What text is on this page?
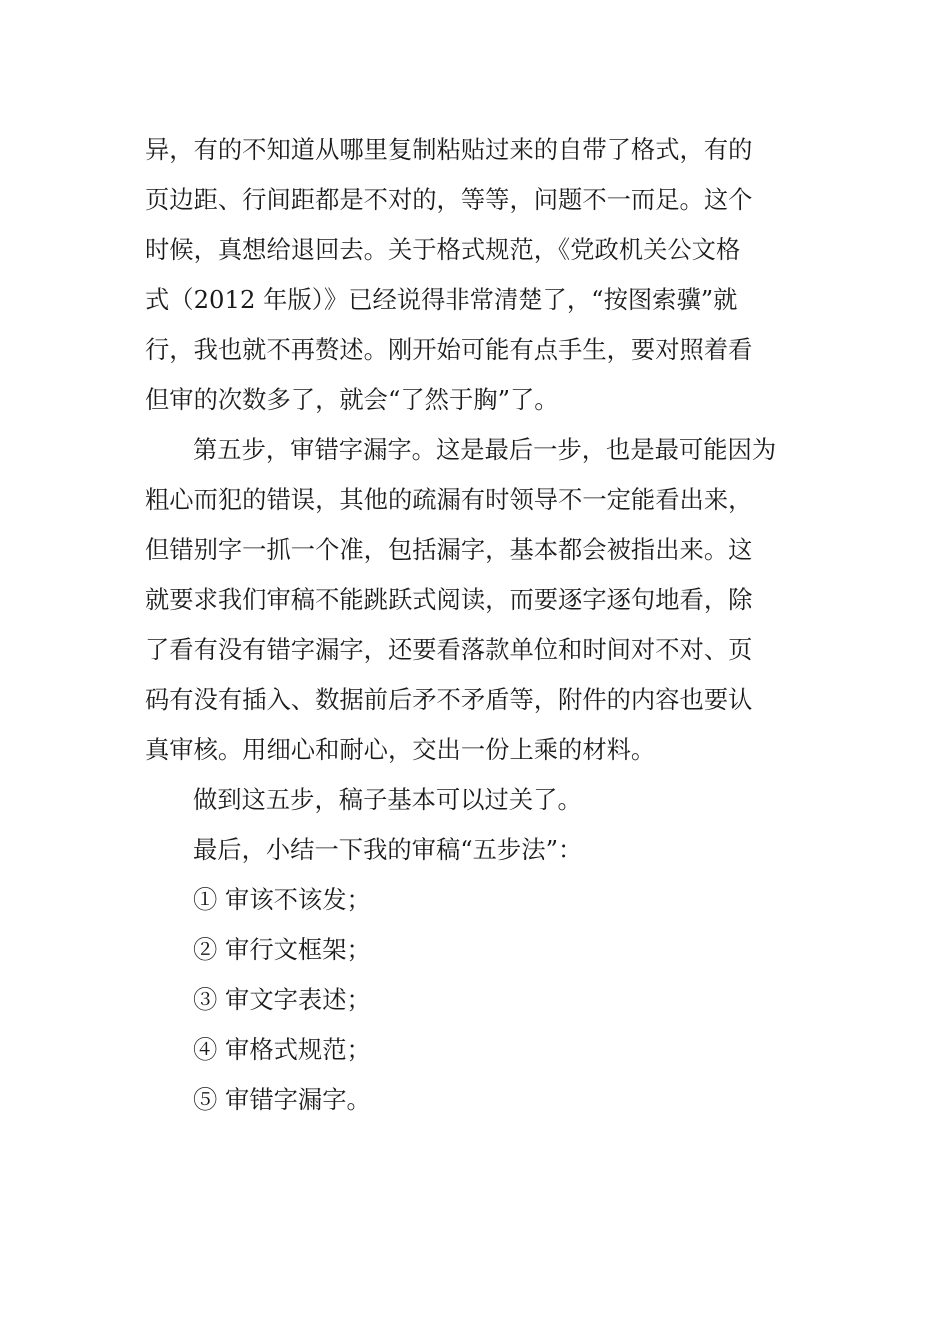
异，有的不知道从哪里复制粘贴过来的自带了格式，有的
页边距、行间距都是不对的，等等，问题不一而足。这个
时候，真想给退回去。关于格式规范，《党政机关公文格
式（2012 年版）》已经说得非常清楚了，“按图索骥”就
行，我也就不再赘述。刚开始可能有点手生，要对照着看
但审的次数多了，就会“了然于胸”了。
第五步，审错字漏字。这是最后一步，也是最可能因为
粗心而犯的错误，其他的疏漏有时领导不一定能看出来，
但错别字一抓一个准，包括漏字，基本都会被指出来。这
就要求我们审稿不能跳跃式阅读，而要逐字逐句地看，除
了看有没有错字漏字，还要看落款单位和时间对不对、页
码有没有插入、数据前后矛不矛盾等，附件的内容也要认
真审核。用细心和耐心，交出一份上乘的材料。
做到这五步，稿子基本可以过关了。
最后，小结一下我的审稿“五步法”：
① 审该不该发；
② 审行文框架；
③ 审文字表述；
④ 审格式规范；
⑤ 审错字漏字。
